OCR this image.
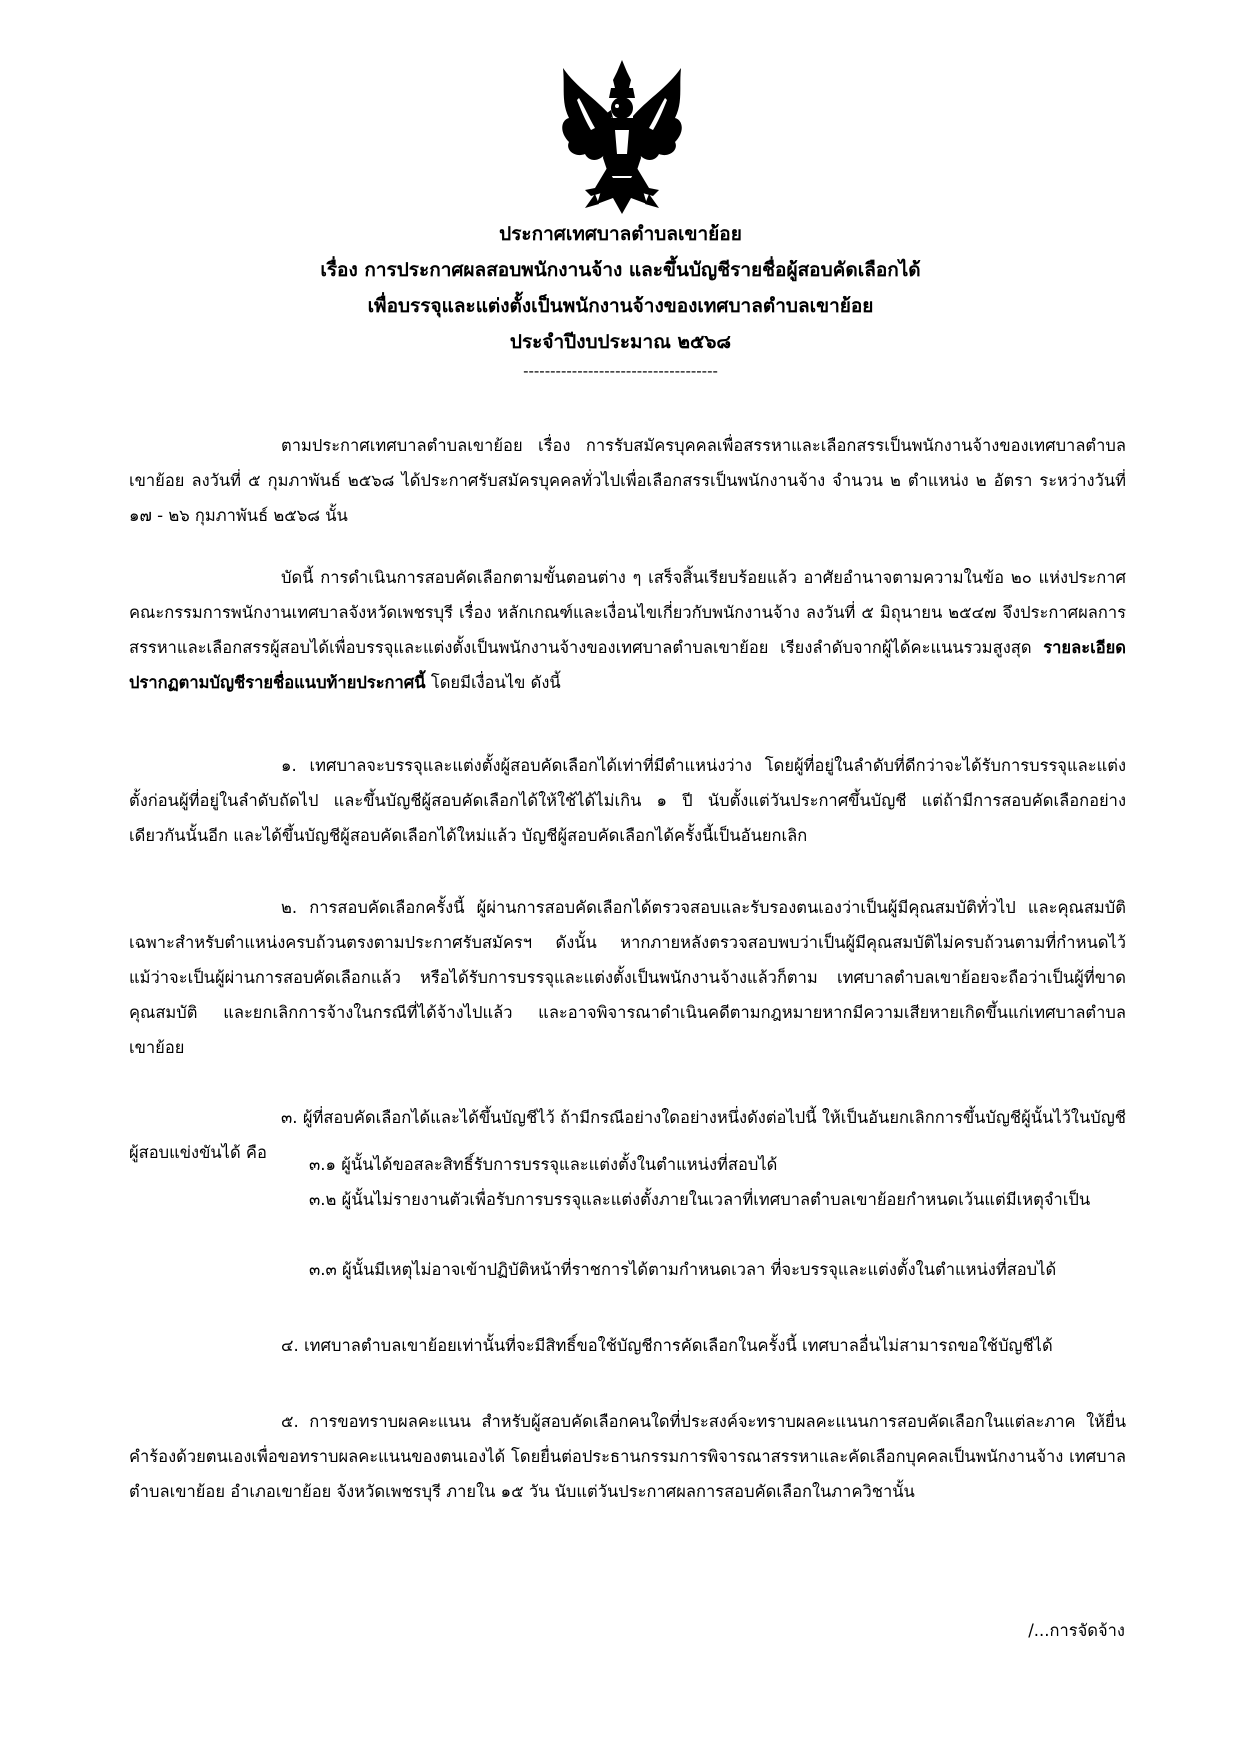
ประกาศเทศบาลตำบลเขาย้อย
เรื่อง การประกาศผลสอบพนักงานจ้าง และขึ้นบัญชีรายชื่อผู้สอบคัดเลือกได้
เพื่อบรรจุและแต่งตั้งเป็นพนักงานจ้างของเทศบาลตำบลเขาย้อย
ประจำปีงบประมาณ ๒๕๖๘
------------------------------------

ตามประกาศเทศบาลตำบลเขาย้อย เรื่อง การรับสมัครบุคคลเพื่อสรรหาและเลือกสรรเป็นพนักงานจ้างของเทศบาลตำบลเขาย้อย ลงวันที่ ๕ กุมภาพันธ์ ๒๕๖๘ ได้ประกาศรับสมัครบุคคลทั่วไปเพื่อเลือกสรรเป็นพนักงานจ้าง จำนวน ๒ ตำแหน่ง ๒ อัตรา ระหว่างวันที่ ๑๗ - ๒๖ กุมภาพันธ์ ๒๕๖๘ นั้น

บัดนี้ การดำเนินการสอบคัดเลือกตามขั้นตอนต่าง ๆ เสร็จสิ้นเรียบร้อยแล้ว อาศัยอำนาจตามความในข้อ ๒๐ แห่งประกาศคณะกรรมการพนักงานเทศบาลจังหวัดเพชรบุรี เรื่อง หลักเกณฑ์และเงื่อนไขเกี่ยวกับพนักงานจ้าง ลงวันที่ ๕ มิถุนายน ๒๕๔๗ จึงประกาศผลการสรรหาและเลือกสรรผู้สอบได้เพื่อบรรจุและแต่งตั้งเป็นพนักงานจ้างของเทศบาลตำบลเขาย้อย เรียงลำดับจากผู้ได้คะแนนรวมสูงสุด รายละเอียดปรากฏตามบัญชีรายชื่อแนบท้ายประกาศนี้ โดยมีเงื่อนไข ดังนี้

๑. เทศบาลจะบรรจุและแต่งตั้งผู้สอบคัดเลือกได้เท่าที่มีตำแหน่งว่าง โดยผู้ที่อยู่ในลำดับที่ดีกว่าจะได้รับการบรรจุและแต่งตั้งก่อนผู้ที่อยู่ในลำดับถัดไป และขึ้นบัญชีผู้สอบคัดเลือกได้ให้ใช้ได้ไม่เกิน ๑ ปี นับตั้งแต่วันประกาศขึ้นบัญชี แต่ถ้ามีการสอบคัดเลือกอย่างเดียวกันนั้นอีก และได้ขึ้นบัญชีผู้สอบคัดเลือกได้ใหม่แล้ว บัญชีผู้สอบคัดเลือกได้ครั้งนี้เป็นอันยกเลิก

๒. การสอบคัดเลือกครั้งนี้ ผู้ผ่านการสอบคัดเลือกได้ตรวจสอบและรับรองตนเองว่าเป็นผู้มีคุณสมบัติทั่วไป และคุณสมบัติเฉพาะสำหรับตำแหน่งครบถ้วนตรงตามประกาศรับสมัครฯ ดังนั้น หากภายหลังตรวจสอบพบว่าเป็นผู้มีคุณสมบัติไม่ครบถ้วนตามที่กำหนดไว้ แม้ว่าจะเป็นผู้ผ่านการสอบคัดเลือกแล้ว หรือได้รับการบรรจุและแต่งตั้งเป็นพนักงานจ้างแล้วก็ตาม เทศบาลตำบลเขาย้อยจะถือว่าเป็นผู้ที่ขาดคุณสมบัติ และยกเลิกการจ้างในกรณีที่ได้จ้างไปแล้ว และอาจพิจารณาดำเนินคดีตามกฎหมายหากมีความเสียหายเกิดขึ้นแก่เทศบาลตำบลเขาย้อย

๓. ผู้ที่สอบคัดเลือกได้และได้ขึ้นบัญชีไว้ ถ้ามีกรณีอย่างใดอย่างหนึ่งดังต่อไปนี้ ให้เป็นอันยกเลิกการขึ้นบัญชีผู้นั้นไว้ในบัญชีผู้สอบแข่งขันได้ คือ

๓.๑ ผู้นั้นได้ขอสละสิทธิ์รับการบรรจุและแต่งตั้งในตำแหน่งที่สอบได้

๓.๒ ผู้นั้นไม่รายงานตัวเพื่อรับการบรรจุและแต่งตั้งภายในเวลาที่เทศบาลตำบลเขาย้อยกำหนดเว้นแต่มีเหตุจำเป็น

๓.๓ ผู้นั้นมีเหตุไม่อาจเข้าปฏิบัติหน้าที่ราชการได้ตามกำหนดเวลา ที่จะบรรจุและแต่งตั้งในตำแหน่งที่สอบได้

๔. เทศบาลตำบลเขาย้อยเท่านั้นที่จะมีสิทธิ์ขอใช้บัญชีการคัดเลือกในครั้งนี้ เทศบาลอื่นไม่สามารถขอใช้บัญชีได้

๕. การขอทราบผลคะแนน สำหรับผู้สอบคัดเลือกคนใดที่ประสงค์จะทราบผลคะแนนการสอบคัดเลือกในแต่ละภาค ให้ยื่นคำร้องด้วยตนเองเพื่อขอทราบผลคะแนนของตนเองได้ โดยยื่นต่อประธานกรรมการพิจารณาสรรหาและคัดเลือกบุคคลเป็นพนักงานจ้าง เทศบาลตำบลเขาย้อย อำเภอเขาย้อย จังหวัดเพชรบุรี ภายใน ๑๕ วัน นับแต่วันประกาศผลการสอบคัดเลือกในภาควิชานั้น

/...การจัดจ้าง
